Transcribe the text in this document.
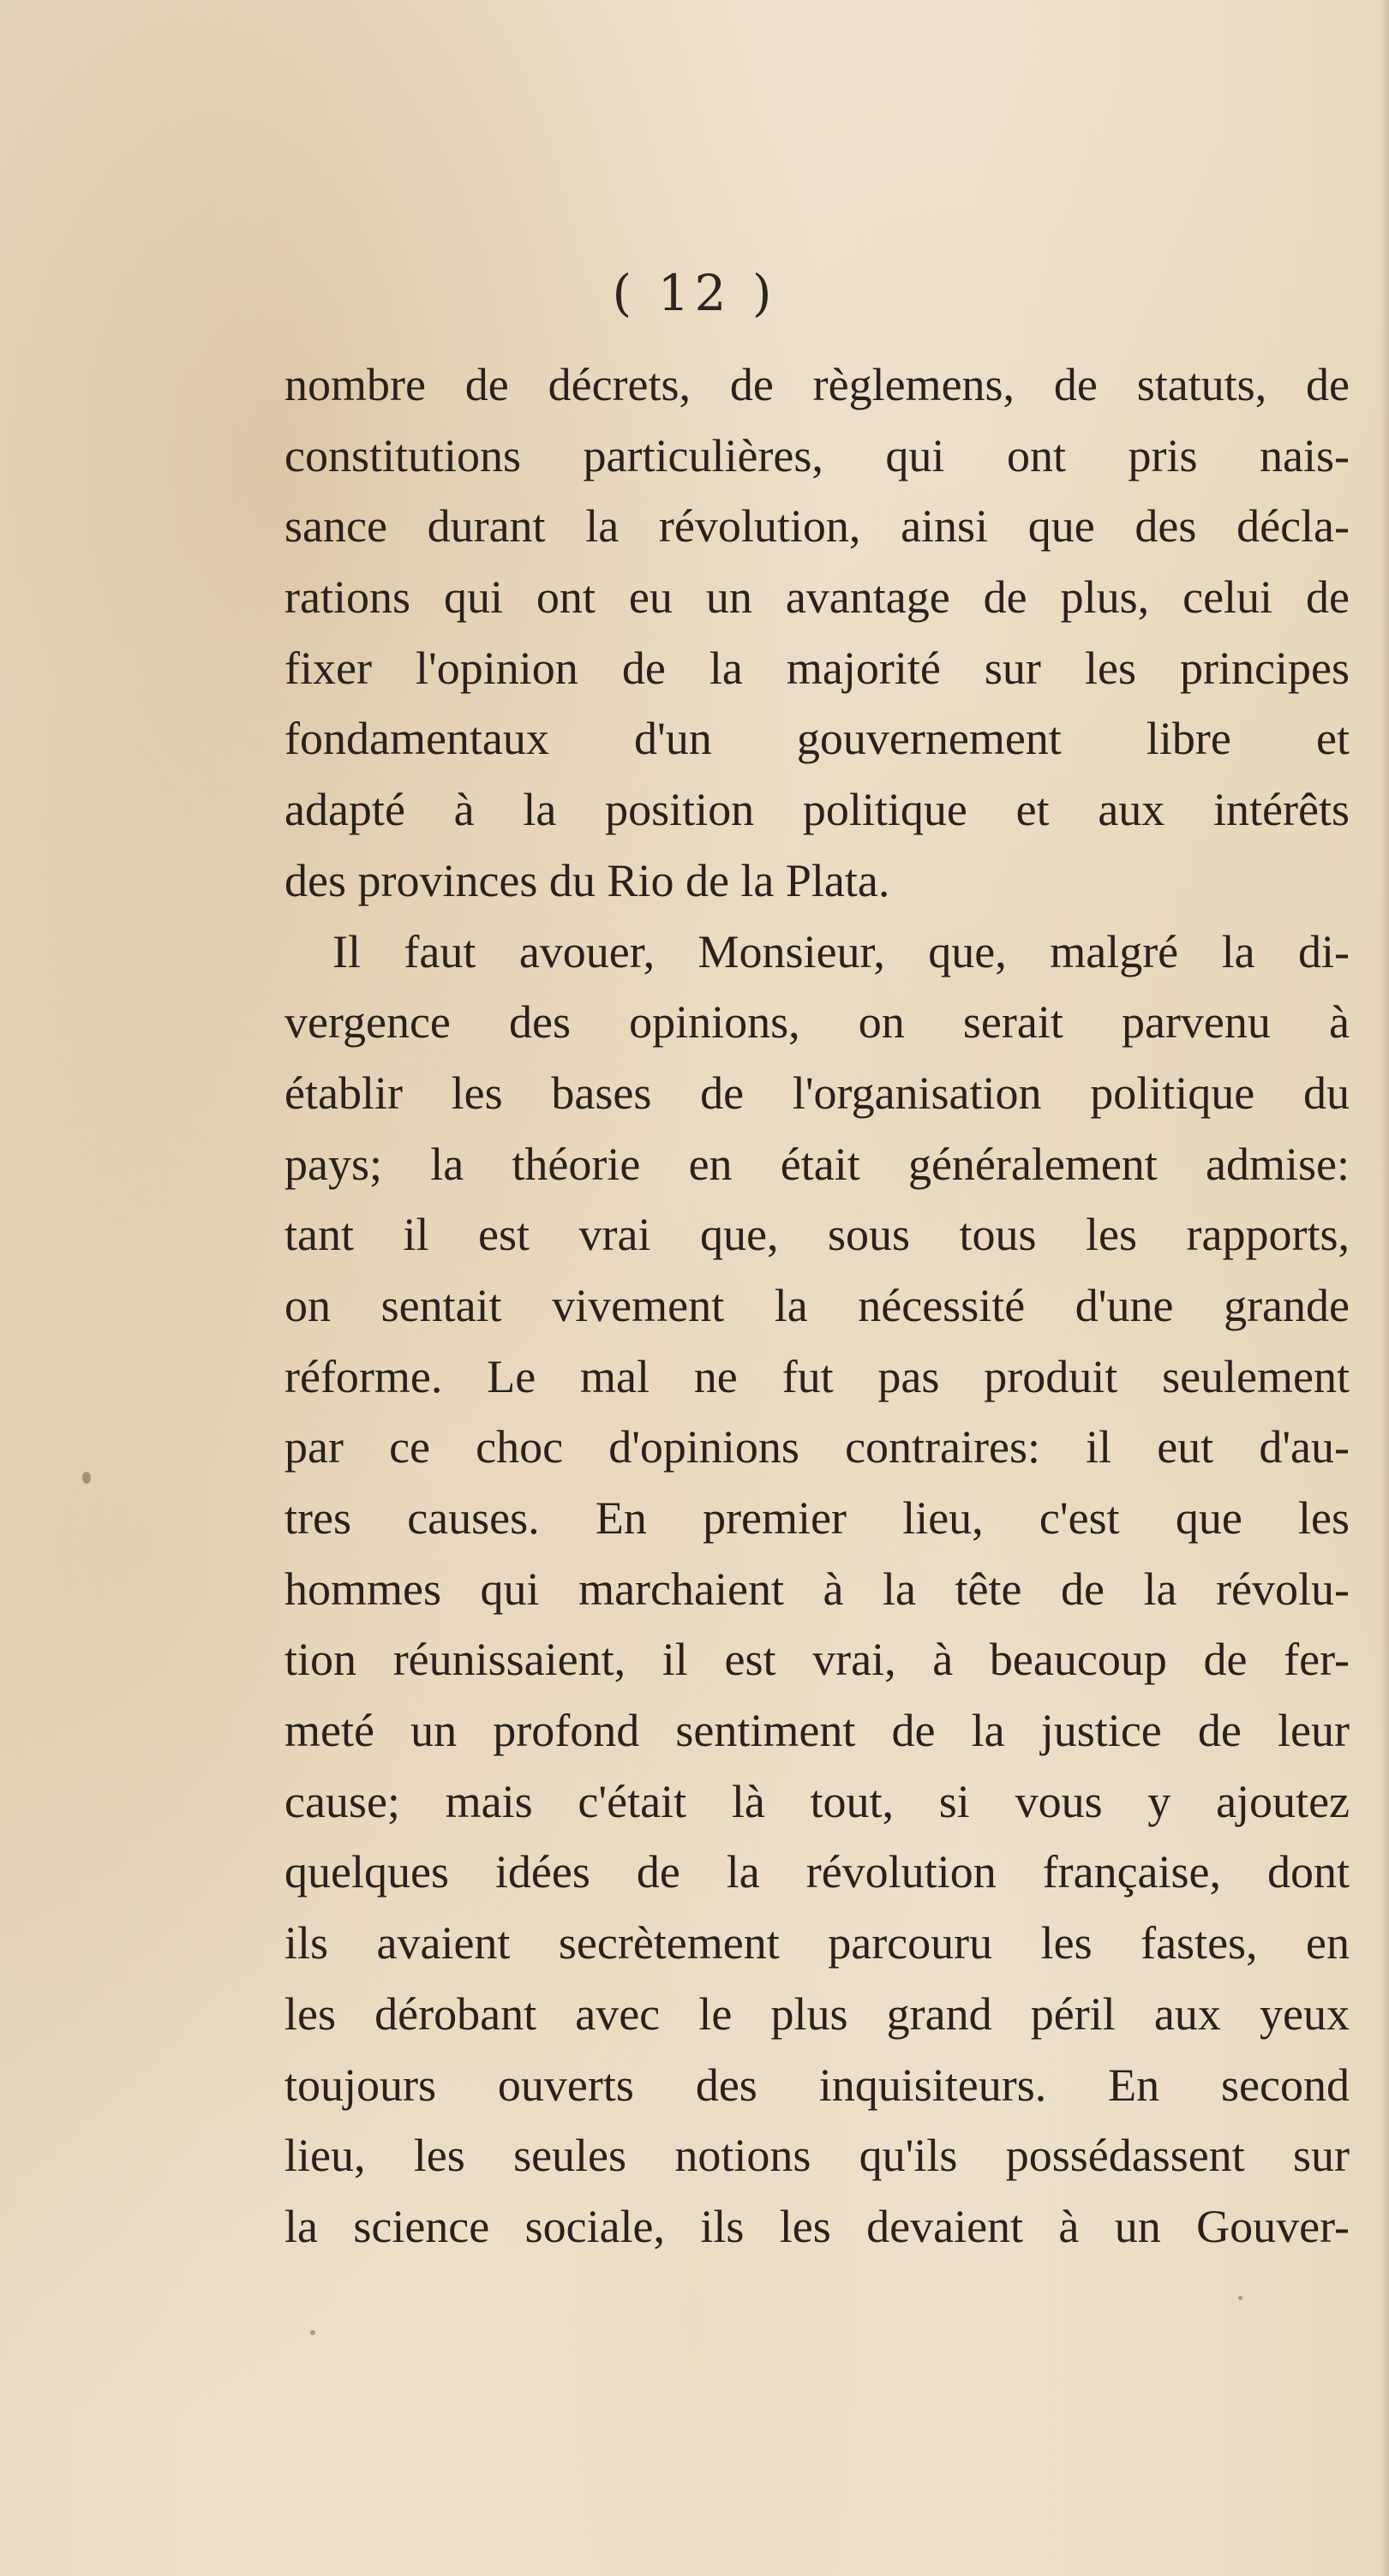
( 12 )
nombre de décrets, de règlemens, de statuts, de
constitutions particulières, qui ont pris nais-
sance durant la révolution, ainsi que des décla-
rations qui ont eu un avantage de plus, celui de
fixer l'opinion de la majorité sur les principes
fondamentaux d'un gouvernement libre et
adapté à la position politique et aux intérêts
des provinces du Rio de la Plata.
Il faut avouer, Monsieur, que, malgré la di-
vergence des opinions, on serait parvenu à
établir les bases de l'organisation politique du
pays; la théorie en était généralement admise:
tant il est vrai que, sous tous les rapports,
on sentait vivement la nécessité d'une grande
réforme. Le mal ne fut pas produit seulement
par ce choc d'opinions contraires: il eut d'au-
tres causes. En premier lieu, c'est que les
hommes qui marchaient à la tête de la révolu-
tion réunissaient, il est vrai, à beaucoup de fer-
meté un profond sentiment de la justice de leur
cause; mais c'était là tout, si vous y ajoutez
quelques idées de la révolution française, dont
ils avaient secrètement parcouru les fastes, en
les dérobant avec le plus grand péril aux yeux
toujours ouverts des inquisiteurs. En second
lieu, les seules notions qu'ils possédassent sur
la science sociale, ils les devaient à un Gouver-
